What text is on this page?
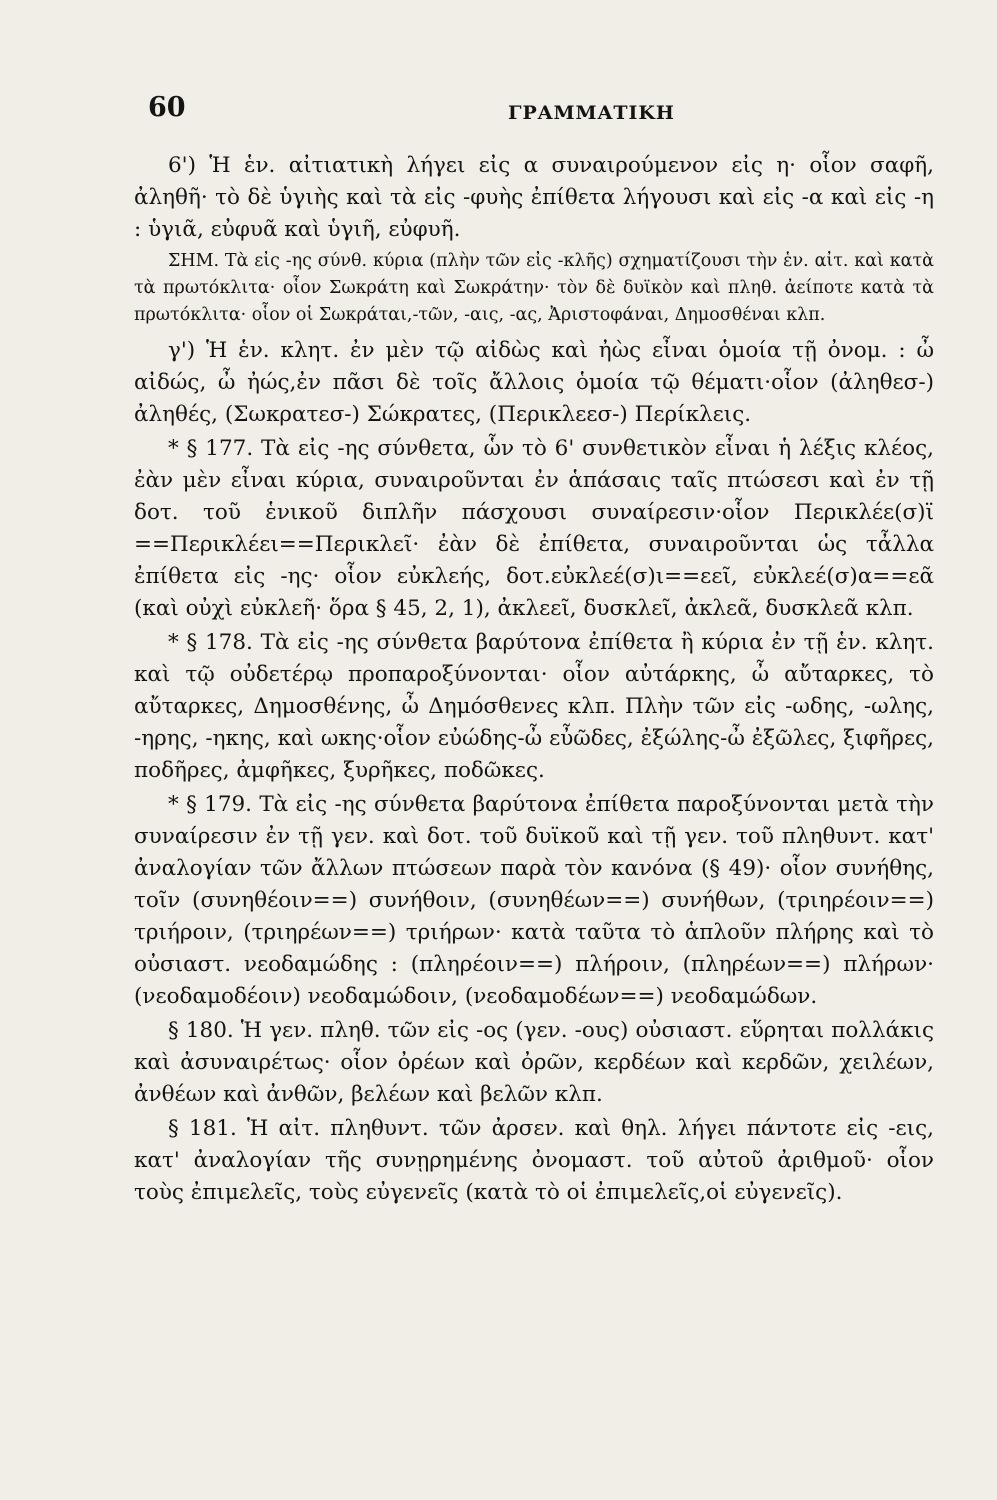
60	ΓΡΑΜΜΑΤΙΚΗ

6') Ἡ ἑν. αἰτιατικὴ λήγει εἰς α συναιρούμενον εἰς η· οἷον σαφῆ, ἀληθῆ· τὸ δὲ ὑγιὴς καὶ τὰ εἰς -φυὴς ἐπίθετα λήγουσι καὶ εἰς -α καὶ εἰς -η : ὑγιᾶ, εὐφυᾶ καὶ ὑγιῆ, εὐφυῆ.

ΣΗΜ. Τὰ εἰς -ης σύνθ. κύρια (πλὴν τῶν εἰς -κλῆς) σχηματίζουσι τὴν ἑν. αἰτ. καὶ κατὰ τὰ πρωτόκλιτα· οἷον Σωκράτη καὶ Σωκράτην· τὸν δὲ δυϊκὸν καὶ πληθ. ἀείποτε κατὰ τὰ πρωτόκλιτα· οἷον οἱ Σωκράται,-τῶν, -αις, -ας, Ἀριστοφάναι, Δημοσθέναι κλπ.

γ') Ἡ ἑν. κλητ. ἐν μὲν τῷ αἰδὼς καὶ ἠὼς εἶναι ὁμοία τῇ ὀνομ. : ὦ αἰδώς, ὦ ἠώς,ἐν πᾶσι δὲ τοῖς ἄλλοις ὁμοία τῷ θέματι·οἷον (ἀληθεσ-) ἀληθές, (Σωκρατεσ-) Σώκρατες, (Περικλεεσ-) Περίκλεις.

* § 177. Τὰ εἰς -ης σύνθετα, ὧν τὸ 6' συνθετικὸν εἶναι ἡ λέξις κλέος, ἐὰν μὲν εἶναι κύρια, συναιροῦνται ἐν ἁπάσαις ταῖς πτώσεσι καὶ ἐν τῇ δοτ. τοῦ ἑνικοῦ διπλῆν πάσχουσι συναίρεσιν·οἷον Περικλέε(σ)ϊ ==Περικλέει==Περικλεῖ· ἐὰν δὲ ἐπίθετα, συναιροῦνται ὡς τἆλλα ἐπίθετα εἰς -ης· οἷον εὐκλεής, δοτ.εὐκλεέ(σ)ι==εεῖ, εὐκλεέ(σ)α==εᾶ (καὶ οὐχὶ εὐκλεῆ· ὅρα § 45, 2, 1), ἀκλεεῖ, δυσκλεῖ, ἀκλεᾶ, δυσκλεᾶ κλπ.

* § 178. Τὰ εἰς -ης σύνθετα βαρύτονα ἐπίθετα ἢ κύρια ἐν τῇ ἑν. κλητ. καὶ τῷ οὐδετέρῳ προπαροξύνονται· οἷον αὐτάρκης, ὦ αὔταρκες, τὸ αὔταρκες, Δημοσθένης, ὦ Δημόσθενες κλπ. Πλὴν τῶν εἰς -ωδης, -ωλης, -ηρης, -ηκης, καὶ ωκης·οἷον εὐώδης-ὦ εὖῶδες, ἐξώλης-ὦ ἐξῶλες, ξιφῆρες, ποδῆρες, ἀμφῆκες, ξυρῆκες, ποδῶκες.

* § 179. Τὰ εἰς -ης σύνθετα βαρύτονα ἐπίθετα παροξύνονται μετὰ τὴν συναίρεσιν ἐν τῇ γεν. καὶ δοτ. τοῦ δυϊκοῦ καὶ τῇ γεν. τοῦ πληθυντ. κατ' ἀναλογίαν τῶν ἄλλων πτώσεων παρὰ τὸν κανόνα (§ 49)· οἷον συνήθης, τοῖν (συνηθέοιν==) συνήθοιν, (συνηθέων==) συνήθων, (τριηρέοιν==) τριήροιν, (τριηρέων==) τριήρων· κατὰ ταῦτα τὸ ἁπλοῦν πλήρης καὶ τὸ οὐσιαστ. νεοδαμώδης : (πληρέοιν==) πλήροιν, (πληρέων==) πλήρων· (νεοδαμοδέοιν) νεοδαμώδοιν, (νεοδαμοδέων==) νεοδαμώδων.

§ 180. Ἡ γεν. πληθ. τῶν εἰς -ος (γεν. -ους) οὐσιαστ. εὕρηται πολλάκις καὶ ἀσυναιρέτως· οἷον ὀρέων καὶ ὀρῶν, κερδέων καὶ κερδῶν, χειλέων, ἀνθέων καὶ ἀνθῶν, βελέων καὶ βελῶν κλπ.

§ 181. Ἡ αἰτ. πληθυντ. τῶν ἀρσεν. καὶ θηλ. λήγει πάντοτε εἰς -εις, κατ' ἀναλογίαν τῆς συνῃρημένης ὀνομαστ. τοῦ αὐτοῦ ἀριθμοῦ· οἷον τοὺς ἐπιμελεῖς, τοὺς εὐγενεῖς (κατὰ τὸ οἱ ἐπιμελεῖς,οἱ εὐγενεῖς).
